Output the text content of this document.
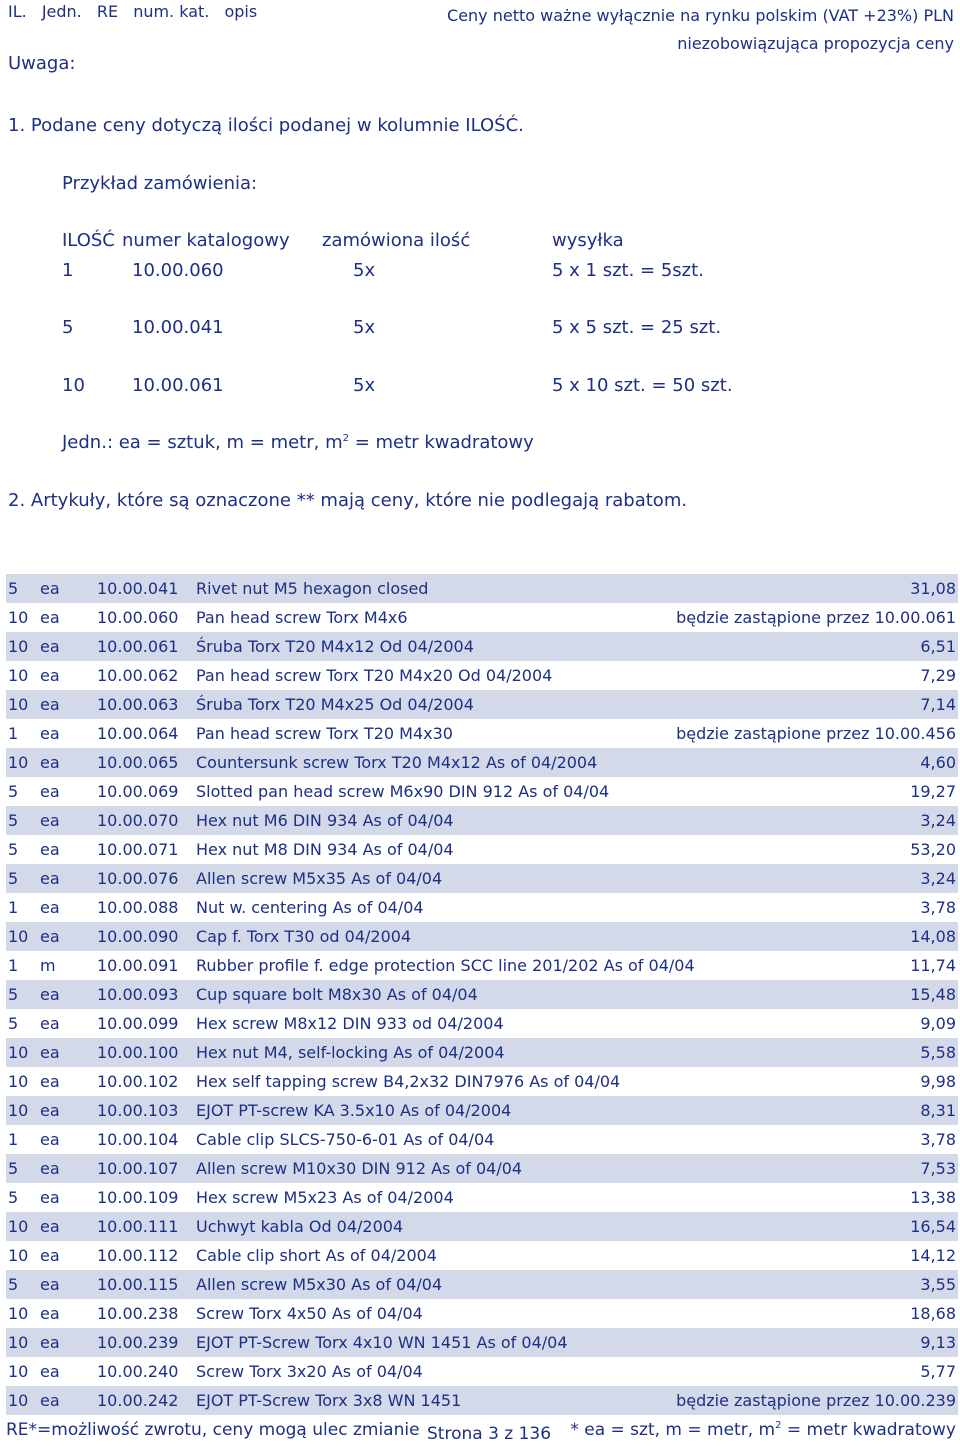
IL. Jedn. RE num. kat. opis	Ceny netto ważne wyłącznie na rynku polskim (VAT +23%) PLN
niezobowiązująca propozycja ceny
Uwaga:
1. Podane ceny dotyczą ilości podanej w kolumnie ILOŚĆ.
Przykład zamówienia:
ILOŚĆ numer katalogowy zamówiona ilość	wysyłka
1	10.00.060	5x	5 x 1 szt. = 5szt.
5	10.00.041	5x	5 x 5 szt. = 25 szt.
10	10.00.061	5x	5 x 10 szt. = 50 szt.
Jedn.: ea = sztuk, m = metr, $m^2$ = metr kwadratowy
2. Artykuły, które są oznaczone ** mają ceny, które nie podlegają rabatom.
5 ea 10.00.041 Rivet nut M5 hexagon closed	31,08
10 ea 10.00.060 Pan head screw Torx M4x6	będzie zastąpione przez 10.00.061
10 ea 10.00.061 Śruba Torx T20 M4x12 Od 04/2004	6,51
10 ea 10.00.062 Pan head screw Torx T20 M4x20 Od 04/2004	7,29
10 ea 10.00.063 Śruba Torx T20 M4x25 Od 04/2004	7,14
1 ea 10.00.064 Pan head screw Torx T20 M4x30	będzie zastąpione przez 10.00.456
10 ea 10.00.065 Countersunk screw Torx T20 M4x12 As of 04/2004	4,60
5 ea 10.00.069 Slotted pan head screw M6x90 DIN 912 As of 04/04	19,27
5 ea 10.00.070 Hex nut M6 DIN 934 As of 04/04	3,24
5 ea 10.00.071 Hex nut M8 DIN 934 As of 04/04	53,20
5 ea 10.00.076 Allen screw M5x35 As of 04/04	3,24
1 ea 10.00.088 Nut w. centering As of 04/04	3,78
10 ea 10.00.090 Cap f. Torx T30 od 04/2004	14,08
1 m	10.00.091 Rubber profile f. edge protection SCC line 201/202 As of 04/04	11,74
5 ea 10.00.093 Cup square bolt M8x30 As of 04/04	15,48
5 ea 10.00.099 Hex screw M8x12 DIN 933 od 04/2004	9,09
10 ea 10.00.100 Hex nut M4, self-locking As of 04/2004	5,58
10 ea 10.00.102 Hex self tapping screw B4,2x32 DIN7976 As of 04/04	9,98
10 ea 10.00.103 EJOT PT-screw KA 3.5x10 As of 04/2004	8,31
1 ea 10.00.104 Cable clip SLCS-750-6-01 As of 04/04	3,78
5 ea 10.00.107 Allen screw M10x30 DIN 912 As of 04/04	7,53
5 ea 10.00.109 Hex screw M5x23 As of 04/2004	13,38
10 ea 10.00.111 Uchwyt kabla Od 04/2004	16,54
10 ea 10.00.112 Cable clip short As of 04/2004	14,12
5 ea 10.00.115 Allen screw M5x30 As of 04/04	3,55
10 ea 10.00.238 Screw Torx 4x50 As of 04/04	18,68
10 ea 10.00.239 EJOT PT-Screw Torx 4x10 WN 1451 As of 04/04	9,13
10 ea 10.00.240 Screw Torx 3x20 As of 04/04	5,77
10 ea 10.00.242 EJOT PT-Screw Torx 3x8 WN 1451	będzie zastąpione przez 10.00.239
RE*=możliwość zwrotu, ceny mogą ulec zmianie Strona 3 z 136 * ea = szt, m = metr, $m^2$ = metr kwadratowy
